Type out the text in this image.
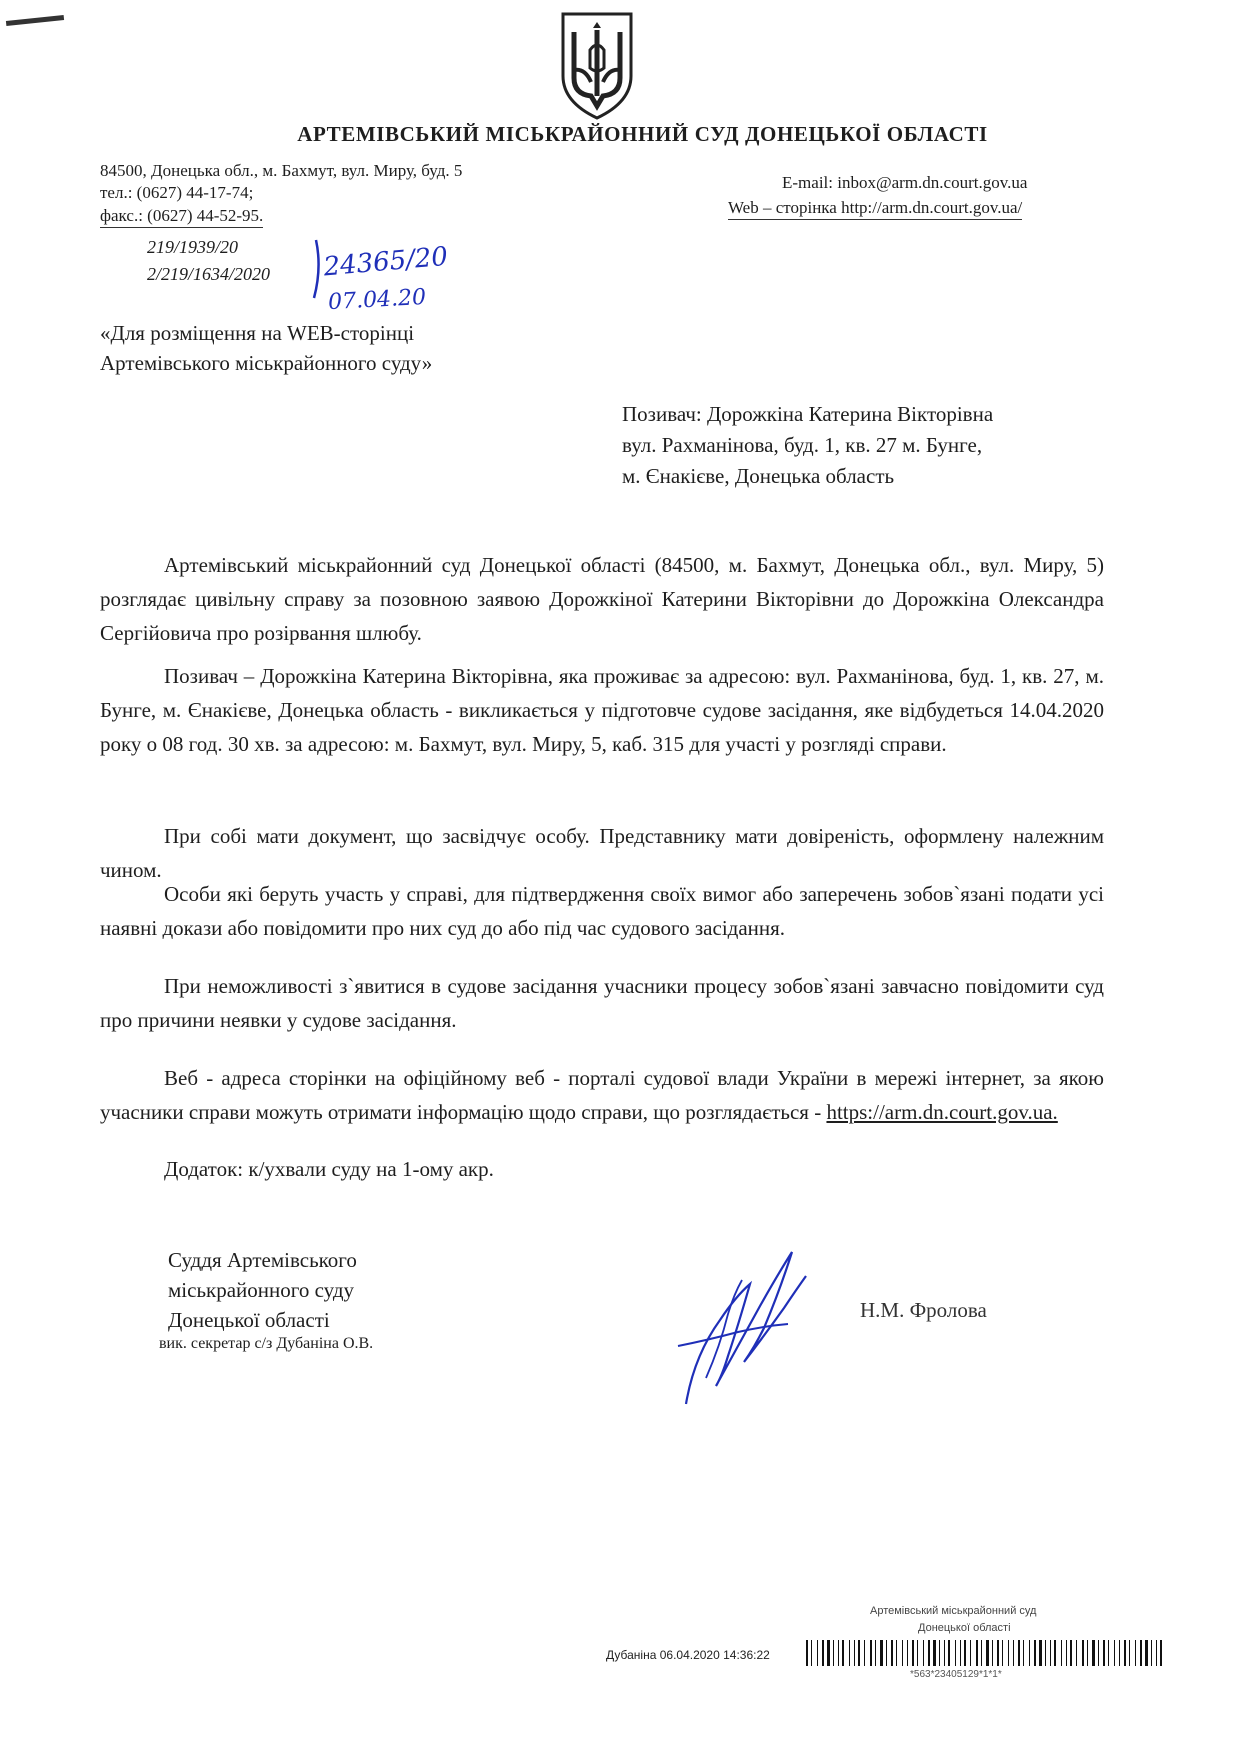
АРТЕМІВСЬКИЙ МІСЬКРАЙОННИЙ СУД ДОНЕЦЬКОЇ ОБЛАСТІ
84500, Донецька обл., м. Бахмут, вул. Миру, буд. 5
тел.: (0627) 44-17-74;
факс.: (0627) 44-52-95.
E-mail: inbox@arm.dn.court.gov.ua
Web – сторінка http://arm.dn.court.gov.ua/
219/1939/20
2/219/1634/2020 24365/20
07.04.20
«Для розміщення на WEB-сторінці
Артемівського міськрайонного суду»
Позивач: Дорожкіна Катерина Вікторівна
вул. Рахманінова, буд. 1, кв. 27 м. Бунге,
м. Єнакієве, Донецька область
Артемівський міськрайонний суд Донецької області (84500, м. Бахмут, Донецька обл., вул. Миру, 5) розглядає цивільну справу за позовною заявою Дорожкіної Катерини Вікторівни до Дорожкіна Олександра Сергійовича про розірвання шлюбу.
Позивач – Дорожкіна Катерина Вікторівна, яка проживає за адресою: вул. Рахманінова, буд. 1, кв. 27, м. Бунге, м. Єнакієве, Донецька область - викликається у підготовче судове засідання, яке відбудеться 14.04.2020 року о 08 год. 30 хв. за адресою: м. Бахмут, вул. Миру, 5, каб. 315 для участі у розгляді справи.
При собі мати документ, що засвідчує особу. Представнику мати довіреність, оформлену належним чином.
Особи які беруть участь у справі, для підтвердження своїх вимог або заперечень зобов`язані подати усі наявні докази або повідомити про них суд до або під час судового засідання.
При неможливості з`явитися в судове засідання учасники процесу зобов`язані завчасно повідомити суд про причини неявки у судове засідання.
Веб - адреса сторінки на офіційному веб - порталі судової влади України в мережі інтернет, за якою учасники справи можуть отримати інформацію щодо справи, що розглядається - https://arm.dn.court.gov.ua.
Додаток: к/ухвали суду на 1-ому акр.
Суддя Артемівського
міськрайонного суду
Донецької області
вик. секретар с/з Дубаніна О.В.
Н.М. Фролова
Артемівський міськрайонний суд
Донецької області
Дубаніна 06.04.2020 14:36:22
*563*23405129*1*1*
